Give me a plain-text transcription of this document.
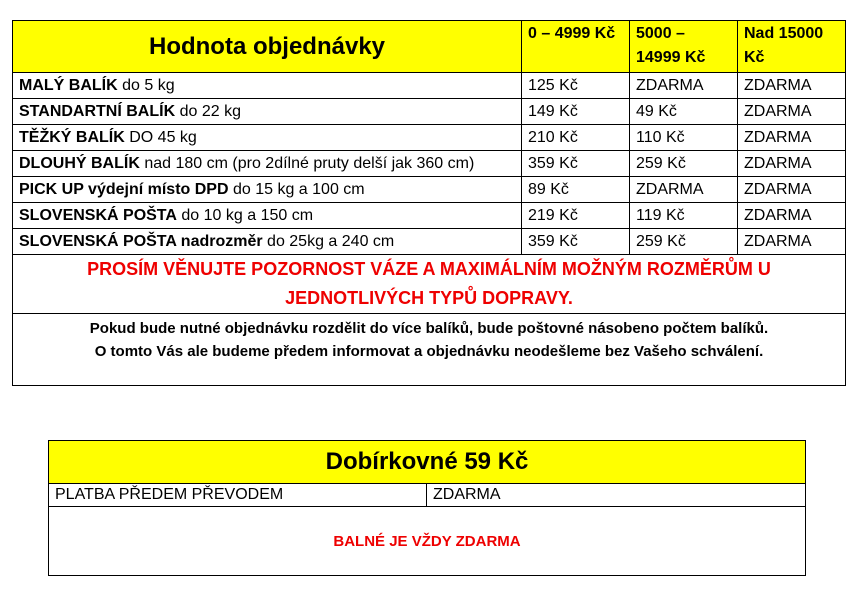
Hodnota objednávky	0 – 4999 Kč	5000 – 14999 Kč	Nad 15000 Kč
MALÝ BALÍK do 5 kg	125 Kč	ZDARMA	ZDARMA
STANDARTNÍ BALÍK do 22 kg	149 Kč	49 Kč	ZDARMA
TĚŽKÝ BALÍK DO 45 kg	210 Kč	110 Kč	ZDARMA
DLOUHÝ BALÍK nad 180 cm (pro 2dílné pruty delší jak 360 cm)	359 Kč	259 Kč	ZDARMA
PICK UP výdejní místo DPD do 15 kg a 100 cm	89 Kč	ZDARMA	ZDARMA
SLOVENSKÁ POŠTA do 10 kg a 150 cm	219 Kč	119 Kč	ZDARMA
SLOVENSKÁ POŠTA nadrozměr do 25kg a 240 cm	359 Kč	259 Kč	ZDARMA
PROSÍM VĚNUJTE POZORNOST VÁZE A MAXIMÁLNÍM MOŽNÝM ROZMĚRŮM U JEDNOTLIVÝCH TYPŮ DOPRAVY.			
Pokud bude nutné objednávku rozdělit do více balíků, bude poštovné násobeno počtem balíků.
O tomto Vás ale budeme předem informovat a objednávku neodešleme bez Vašeho schválení.			
Dobírkovné 59 Kč
PLATBA PŘEDEM PŘEVODEM	ZDARMA
BALNÉ JE VŽDY ZDARMA
